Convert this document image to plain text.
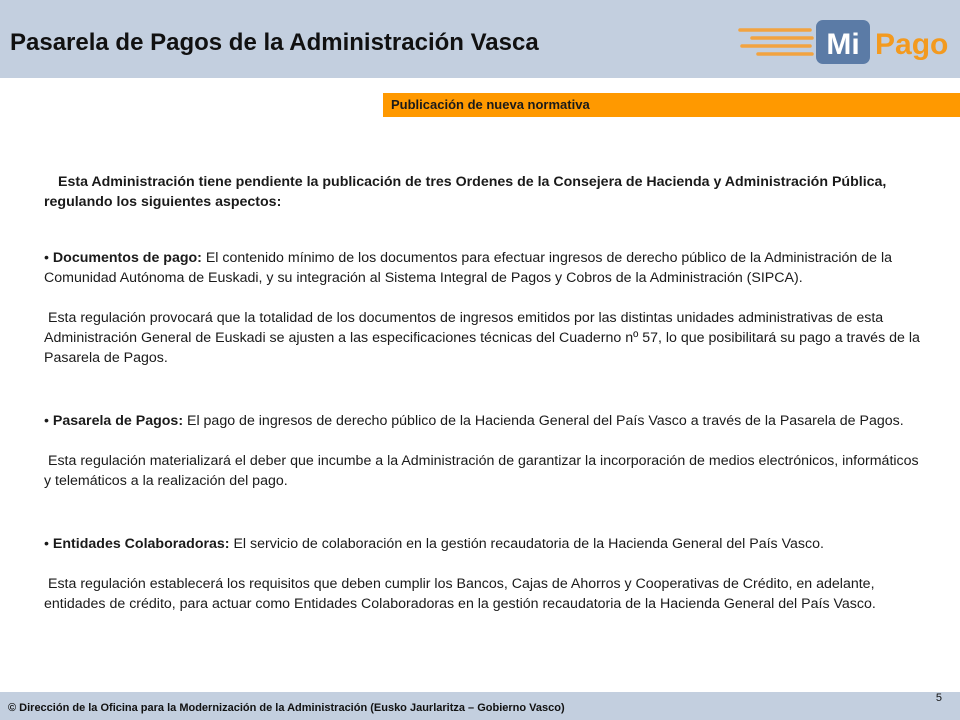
Pasarela de Pagos de la Administración Vasca	Mi Pago
Publicación de nueva normativa

Esta Administración tiene pendiente la publicación de tres Ordenes de la Consejera de Hacienda y Administración Pública, regulando los siguientes aspectos:

• Documentos de pago: El contenido mínimo de los documentos para efectuar ingresos de derecho público de la Administración de la Comunidad Autónoma de Euskadi, y su integración al Sistema Integral de Pagos y Cobros de la Administración (SIPCA).

Esta regulación provocará que la totalidad de los documentos de ingresos emitidos por las distintas unidades administrativas de esta Administración General de Euskadi se ajusten a las especificaciones técnicas del Cuaderno nº 57, lo que posibilitará su pago a través de la Pasarela de Pagos.

• Pasarela de Pagos: El pago de ingresos de derecho público de la Hacienda General del País Vasco a través de la Pasarela de Pagos.

Esta regulación materializará el deber que incumbe a la Administración de garantizar la incorporación de medios electrónicos, informáticos y telemáticos a la realización del pago.

• Entidades Colaboradoras: El servicio de colaboración en la gestión recaudatoria de la Hacienda General del País Vasco.

Esta regulación establecerá los requisitos que deben cumplir los Bancos, Cajas de Ahorros y Cooperativas de Crédito, en adelante, entidades de crédito, para actuar como Entidades Colaboradoras en la gestión recaudatoria de la Hacienda General del País Vasco.

© Dirección de la Oficina para la Modernización de la Administración (Eusko Jaurlaritza – Gobierno Vasco)
5
